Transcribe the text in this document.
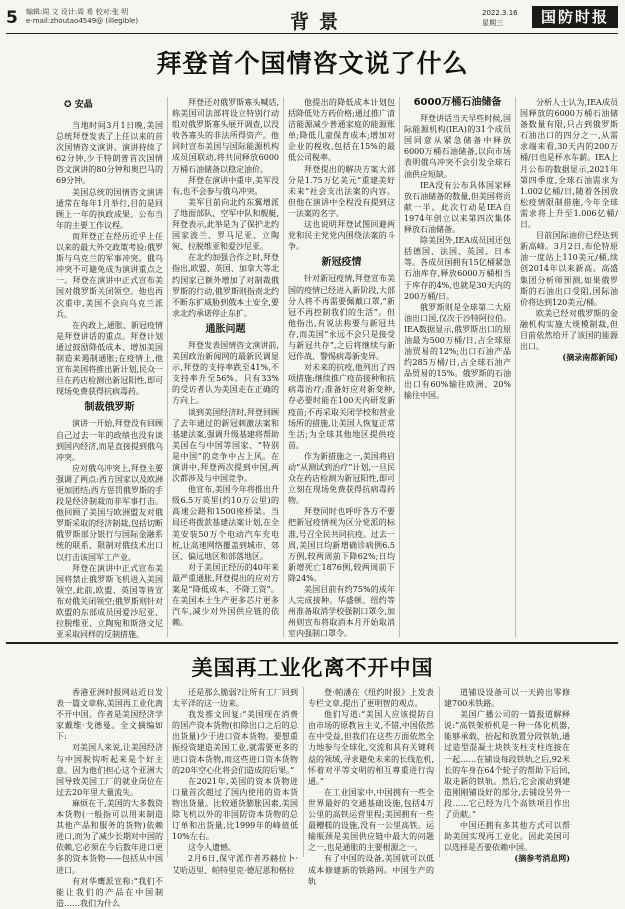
5 编辑:周 文 设计:周 希 校对:张 明
e-mail:zhoutao4549@ (illegible)	背景	2022.3.16
星期三	国防时报
拜登首个国情咨文说了什么
✪ 安晶

当地时间3月1日晚,美国总统拜登发表了上任以来的首次国情咨文演讲。演讲持续了62分钟,少于特朗普首次国情咨文演讲的80分钟和奥巴马的69分钟。

美国总统的国情咨文演讲通常在每年1月举行,目的是回顾上一年的执政成果、公布当年的主要工作议程。

而拜登正在经历近乎上任以来的最大外交政策考验:俄罗斯与乌克兰的军事冲突。俄乌冲突不可避免成为演讲重点之一。拜登在演讲中正式宣布美国对俄罗斯关闭领空。他也再次重申,美国不会向乌克兰派兵。

在内政上,通胀、新冠疫情是拜登讲话的重点。拜登计划通过鼓励降低成本、增加美国制造来遏制通胀;在疫情上,他宣布美国将推出新计划,民众一旦在药店检测出新冠阳性,即可现场免费获得抗病毒药。

制裁俄罗斯

演讲一开始,拜登没有回顾自己过去一年的政绩也没有谈到国内经济,而是直接提到俄乌冲突。

应对俄乌冲突上,拜登主要强调了两点:西方国家以及欧洲更加团结;西方惩罚俄罗斯的手段是经济制裁而非军事打击。他回顾了美国与欧洲盟友对俄罗斯采取的经济制裁,包括切断俄罗斯部分银行与国际金融系统的联系、限制对俄技术出口以打击该国军工产业。

拜登在演讲中正式宣布美国将禁止俄罗斯飞机进入美国领空,此前,欧盟、英国等皆宣布对俄关闭领空;俄罗斯则针对欧盟的东部成员国爱沙尼亚、拉脱维亚、立陶宛和斯洛文尼亚采取同样的反制措施。

拜登还对俄罗斯寡头喊话,称美国司法部将设立特别行动组对俄罗斯寡头展开调查,以没收各寡头的非法所得资产。他同时宣布美国与国际能源机构成员国联动,将共同释放6000万桶石油储备以稳定油价。

拜登在演讲中重申,美军没有,也不会参与俄乌冲突。

美军目前向北约东翼增派了地面部队、空军中队和舰艇,拜登表示,此举是为了保护北约国家波兰、罗马尼亚、立陶宛、拉脱维亚和爱沙尼亚。

在北约加强合作之时,拜登指出,欧盟、英国、加拿大等北约国家已额外增加了对制裁俄罗斯的行动,俄罗斯则指责北约不断东扩威胁到俄本土安全,要求北约承诺停止东扩。

通胀问题

拜登发表国情咨文演讲前,美国政治新闻网的最新民调显示,拜登的支持率跌至41%,不支持率升至56%。只有33%的受访者认为美国走在正确的方向上。

谈到美国经济时,拜登回顾了去年通过的新冠刺激法案和基建法案,强调升级基建将帮助美国在与中国等国家、“特别是中国”的竞争中占上风。在演讲中,拜登两次提到中国,两次都涉及与中国竞争。

他宣布,美国今年将推出升级6.5万英里(约10万公里)的高速公路和1500座桥梁。当局还将拨款基建法案计划,在全美安装50万个电动汽车充电桩,让高速网络覆盖到城市、郊区、偏远地区和部落地区。

对于美国正经历的40年来最严重通胀,拜登提出的应对方案是“降低成本、不降工资”。在美国本土生产更多芯片更多汽车,减少对外国供应链的依赖。

他提出的降低成本计划包括降低处方药价格;通过推广清洁能源减少普通家庭的能源账单;降低儿童保育成本;增加对企业的税收,包括在15%的最低公司税率。

拜登提出的解决方案大部分是1.75万亿美元“重建美好未来”社会支出法案的内容。但他在演讲中全程没有提到这一法案的名字。

这也说明拜登试图回避两党和民主党党内围绕法案的斗争。

新冠疫情

针对新冠疫情,拜登宣布美国的疫情已经进入新阶段,大部分人将不再需要佩戴口罩,“新冠不再控制我们的生活”。但他指出,有说法称要与新冠共存,而美国“永远不会只是接受与新冠共存”,之后将继续与新冠作战、警惕病毒新变异。

对未来的抗疫,他列出了四项措施:继续推广疫苗接种和抗病毒治疗;准备好应对新变种,存必要时能在100天内研发新疫苗;不再采取关闭学校和营业场所的措施,让美国人恢复正常生活;为全球其他地区提供疫苗。

作为新措施之一,美国将启动“从测试到治疗”计划,一旦民众在药店检测为新冠阳性,即可立刻在现场免费获得抗病毒药物。

拜登同时也呼吁各方不要把新冠疫情视为区分党派的标准,号召全民共同抗疫。过去一周,美国日均新增确诊病例6.5万例,较两周前下降62%;日均新增死亡1876例,较两周前下降24%。

美国目前有约75%的成年人完成接种。华盛顿、纽约等州准备取消学校强制口罩令,加州则宣布将取消本月开始取消室内强制口罩令。

6000万桶石油储备

拜登讲话当天早些时候,国际能源机构(IEA)的31个成员国同意从紧急储备中释放6000万桶石油储备,以向市场表明俄乌冲突不会引发全球石油供应短缺。

IEA没有公布具体国家释放石油储备的数量,但美国将贡献一半。此次行动是IEA自1974年创立以来第四次集体释放石油储备。

除美国外,IEA成员国还包括德国、法国、英国、日本等。各成员国拥有15亿桶紧急石油库存,释放6000万桶相当于库存的4%,也就是30天内的200万桶/日。

俄罗斯则是全球第二大原油出口国,仅次于沙特阿拉伯。IEA数据显示,俄罗斯出口的原油最为500万桶/日,占全球原油贸易的12%;出口石油产品约285万桶/日,占全球石油产品贸易的15%。俄罗斯的石油出口有60%输往欧洲、20%输往中国。

分析人士认为,IEA成员国释放的6000万桶石油储备数量有限,只占到俄罗斯石油出口的四分之一,从需求端来看,30天内的200万桶/日也是杯水车薪。IEA上月公布的数据显示,2021年第四季度,全球石油需求为1.002亿桶/日,随着各国放松疫情限制措施,今年全球需求将上升至1.006亿桶/日。

目前国际油价已经达到新高峰。3月2日,布伦特原油一度站上110美元/桶,续创2014年以来新高。高盛集团分析师预测,如果俄罗斯的石油出口受阻,国际油价将达到120美元/桶。

欧美已经对俄罗斯的金融机构实施大规模制裁,但目前依然给开了该国的能源出口。

(摘录南都新闻)

美国再工业化离不开中国

香港亚洲时报网站近日发表一篇文章称,美国再工业化离不开中国。作者是美国经济学家戴维·戈德曼。全文摘编如下:

对美国人来说,让美国经济与中国脱钩听起来是个好主意。因为他们担心这个亚洲大国导致美国工厂的就业岗位在过去20年里大量流失。

麻烦在于,美国的大多数资本货物(一般指可以用来制造其他产品和服务的货物)依赖进口,而为了减少长期对中国的依赖,它必须在今后数年进口更多的资本货物——包括从中国进口。

有对华鹰派宣称:“我们不能让我们的产品在中国制造……我们为什么

还是那么脆弱?让所有工厂回到太平洋的这一边来。

我发推文回复:“美国现在消费的国产资本货物(扣除出口之后的总出货量)少于进口资本货物。要想重振投资建造美国工业,就需要更多的进口资本货物,而这些进口资本货物的20年空心化将会们造成的后果。”

在2021年,美国的资本货物进口量首次超过了国内使用的资本货物出货量。比较通货膨胀因素,美国除飞机以外的非国防资本货物的总订单和出货量,比1999年的峰值低10%左右。

这令人遗憾。

2月6日,保守派作者苏赫拉卜·艾哈迈里、帕特里克·德尼恩和格拉

登·帕潘在《纽约时报》上发表专栏文章,提出了更明智的观点。

他们写道:“美国人应该提防自由市场的原教旨主义,不错,中国依然在中受益,但我们在这些方面依然全力地参与全球化,交流和具有关键利益的领域,寻求避免未来的长线危机,怀着对平等文明的相互尊重进行沟通。”

在工业国家中,中国拥有一些全世界最好的交通基础设施,包括4万公里的高铁运营里程;美国拥有一些最糟糕的设施,没有一公里高铁。运输瓶颈是美国供应链中最大的问题之一,也是通胀的主要根源之一。

有了中国的设备,美国就可以低成本修建新的铁路网。中国生产的轨

道铺设设备可以一天跨出零修建700米铁路。

美国广播公司的一篇报道解释说:“高铁架桥机是一种一体化机器,能够承载、抬起和放置分段铁轨,通过造型混凝土块铁支柱支柱连接在一起……在铺设每段铁轨之后,92米长的车身在64个轮子的帮助下后回,取走新的铁轨。然后,它会滚动到建造刚刚铺设好的部分,去铺设另外一段……它已经为几个高铁项目作出了贡献。”

中国还拥有多其他方式可以帮助美国实现再工业化。因此美国可以选择是否要依赖中国。

(摘参考消息网)
